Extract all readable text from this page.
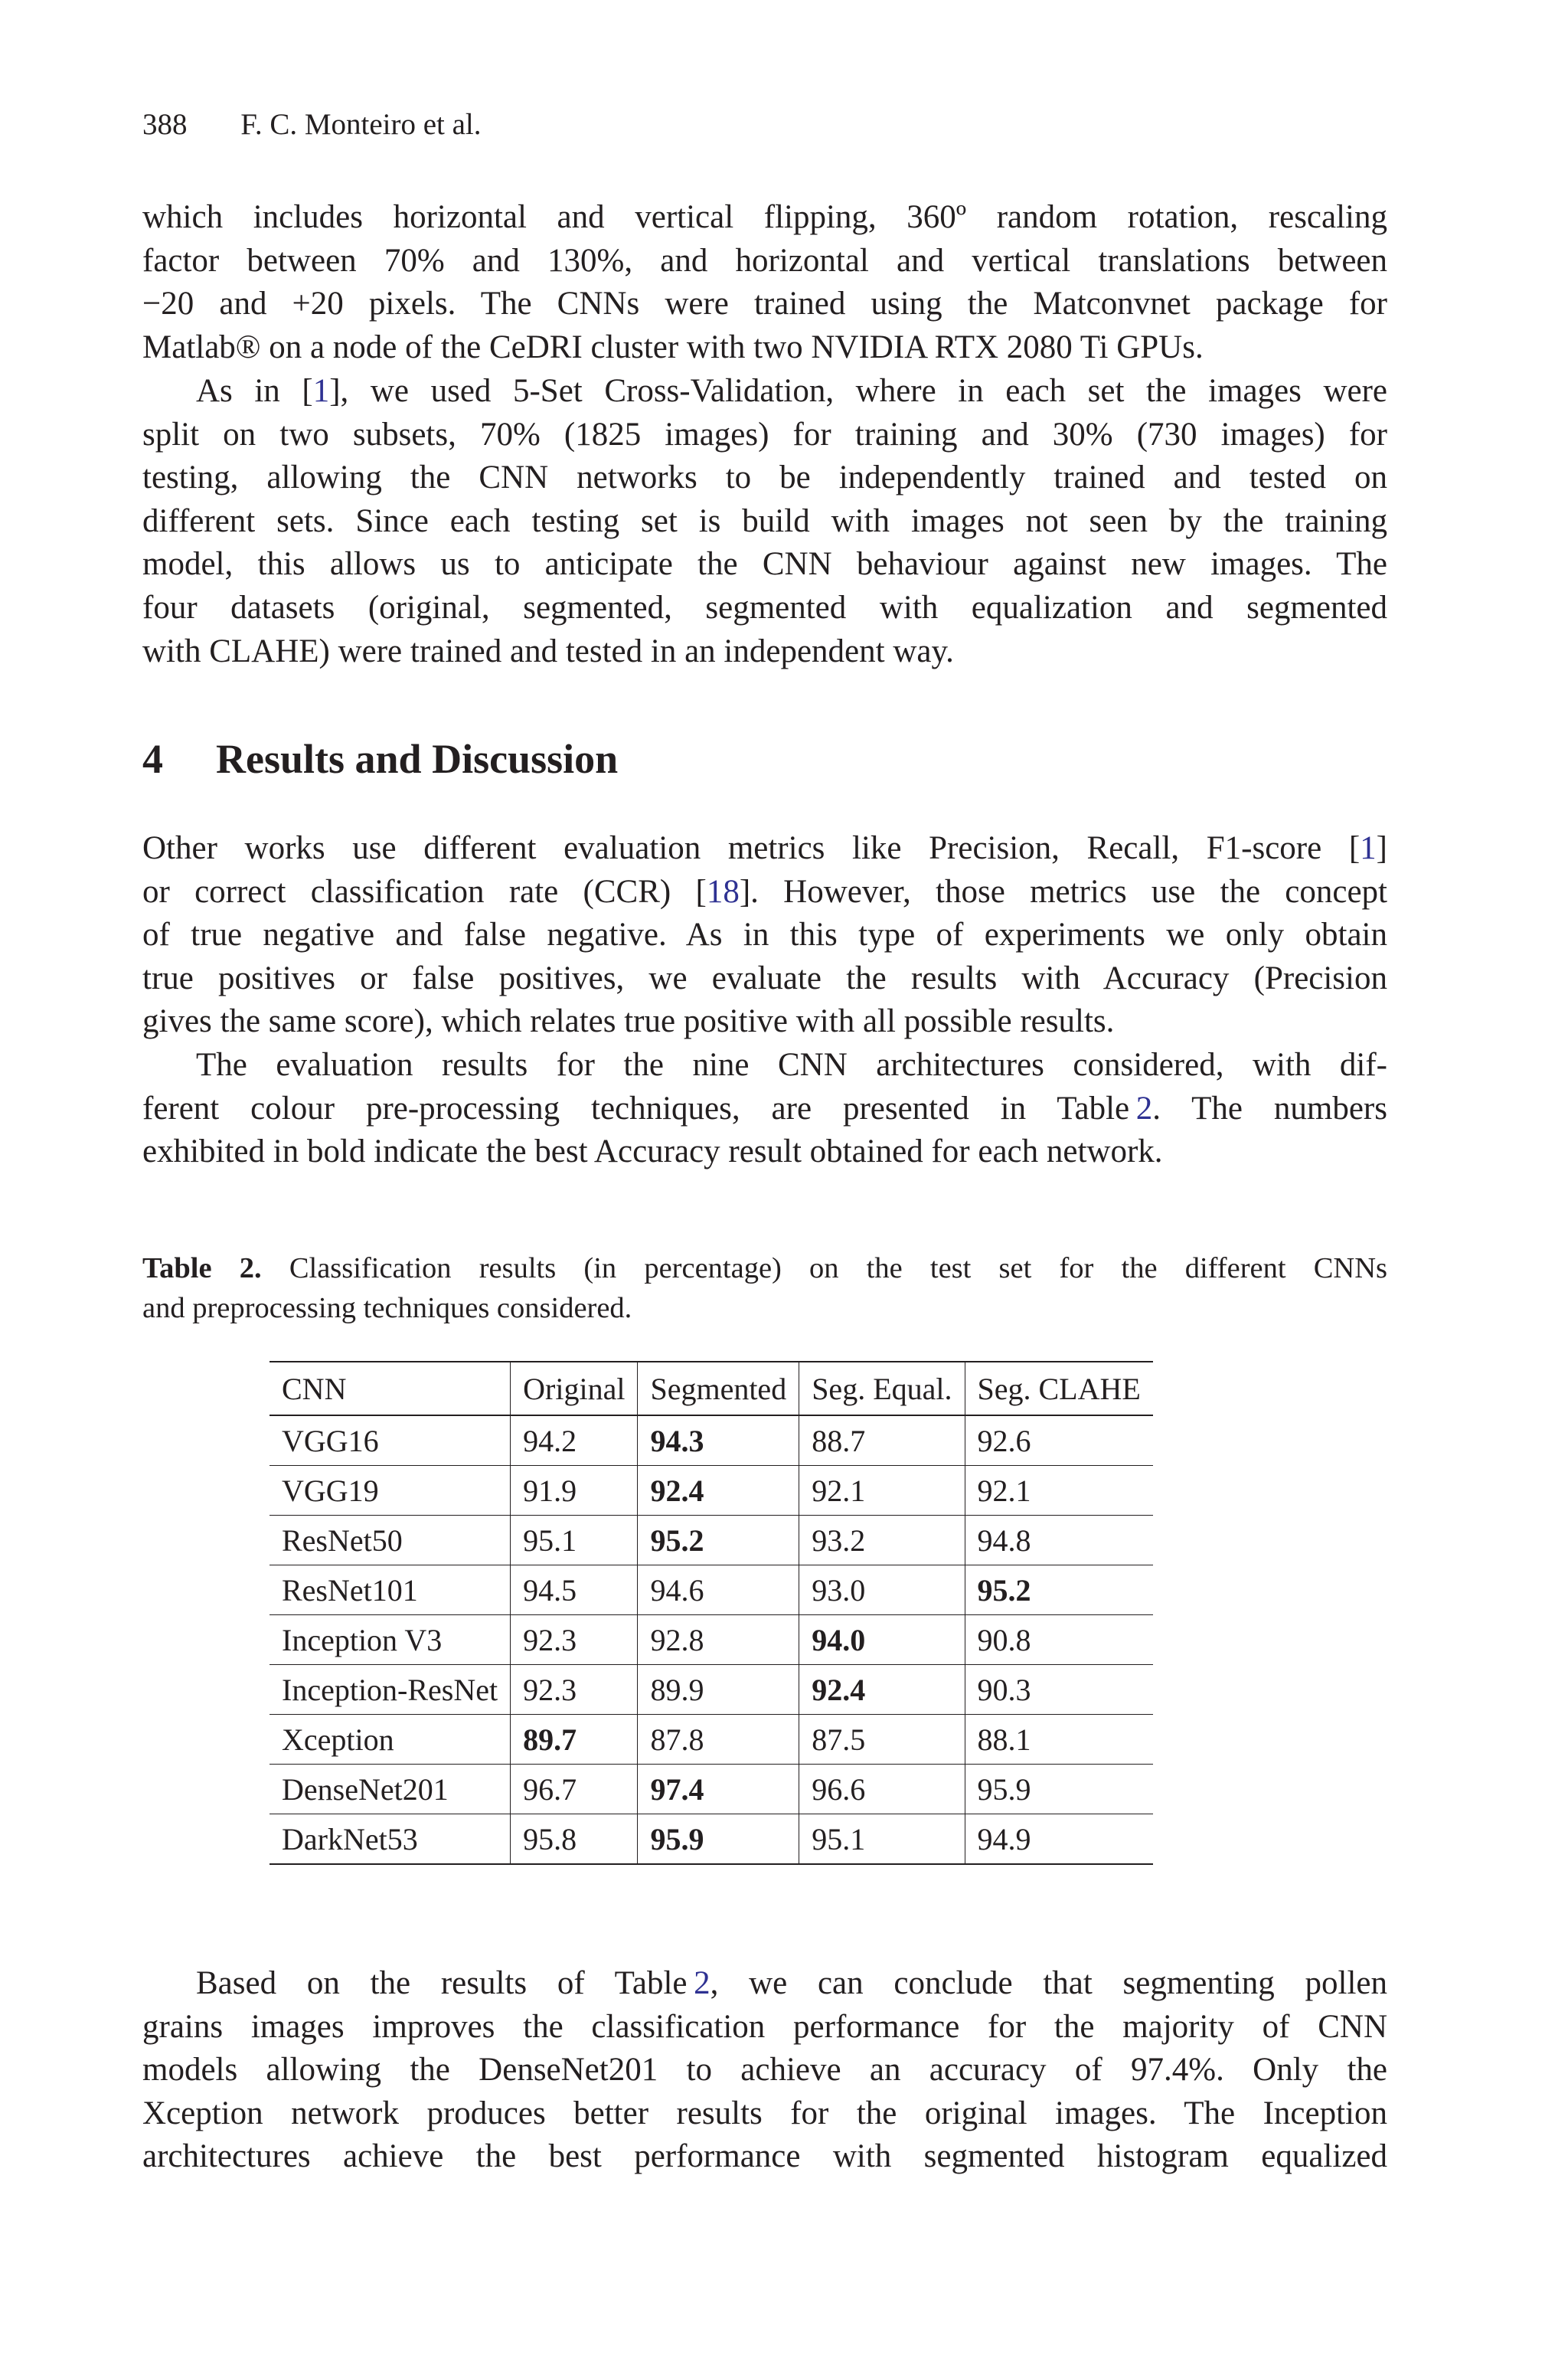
388 F. C. Monteiro et al.
which includes horizontal and vertical flipping, 360º random rotation, rescaling
factor between 70% and 130%, and horizontal and vertical translations between
−20 and +20 pixels. The CNNs were trained using the Matconvnet package for
Matlab® on a node of the CeDRI cluster with two NVIDIA RTX 2080 Ti GPUs.
As in [1], we used 5-Set Cross-Validation, where in each set the images were
split on two subsets, 70% (1825 images) for training and 30% (730 images) for
testing, allowing the CNN networks to be independently trained and tested on
different sets. Since each testing set is build with images not seen by the training
model, this allows us to anticipate the CNN behaviour against new images. The
four datasets (original, segmented, segmented with equalization and segmented
with CLAHE) were trained and tested in an independent way.
4 Results and Discussion
Other works use different evaluation metrics like Precision, Recall, F1-score [1]
or correct classification rate (CCR) [18]. However, those metrics use the concept
of true negative and false negative. As in this type of experiments we only obtain
true positives or false positives, we evaluate the results with Accuracy (Precision
gives the same score), which relates true positive with all possible results.
The evaluation results for the nine CNN architectures considered, with dif-
ferent colour pre-processing techniques, are presented in Table 2. The numbers
exhibited in bold indicate the best Accuracy result obtained for each network.
Table 2. Classification results (in percentage) on the test set for the different CNNs
and preprocessing techniques considered.
CNN	Original	Segmented	Seg. Equal.	Seg. CLAHE
VGG16	94.2	94.3	88.7	92.6
VGG19	91.9	92.4	92.1	92.1
ResNet50	95.1	95.2	93.2	94.8
ResNet101	94.5	94.6	93.0	95.2
Inception V3	92.3	92.8	94.0	90.8
Inception-ResNet	92.3	89.9	92.4	90.3
Xception	89.7	87.8	87.5	88.1
DenseNet201	96.7	97.4	96.6	95.9
DarkNet53	95.8	95.9	95.1	94.9
Based on the results of Table 2, we can conclude that segmenting pollen
grains images improves the classification performance for the majority of CNN
models allowing the DenseNet201 to achieve an accuracy of 97.4%. Only the
Xception network produces better results for the original images. The Inception
architectures achieve the best performance with segmented histogram equalized
